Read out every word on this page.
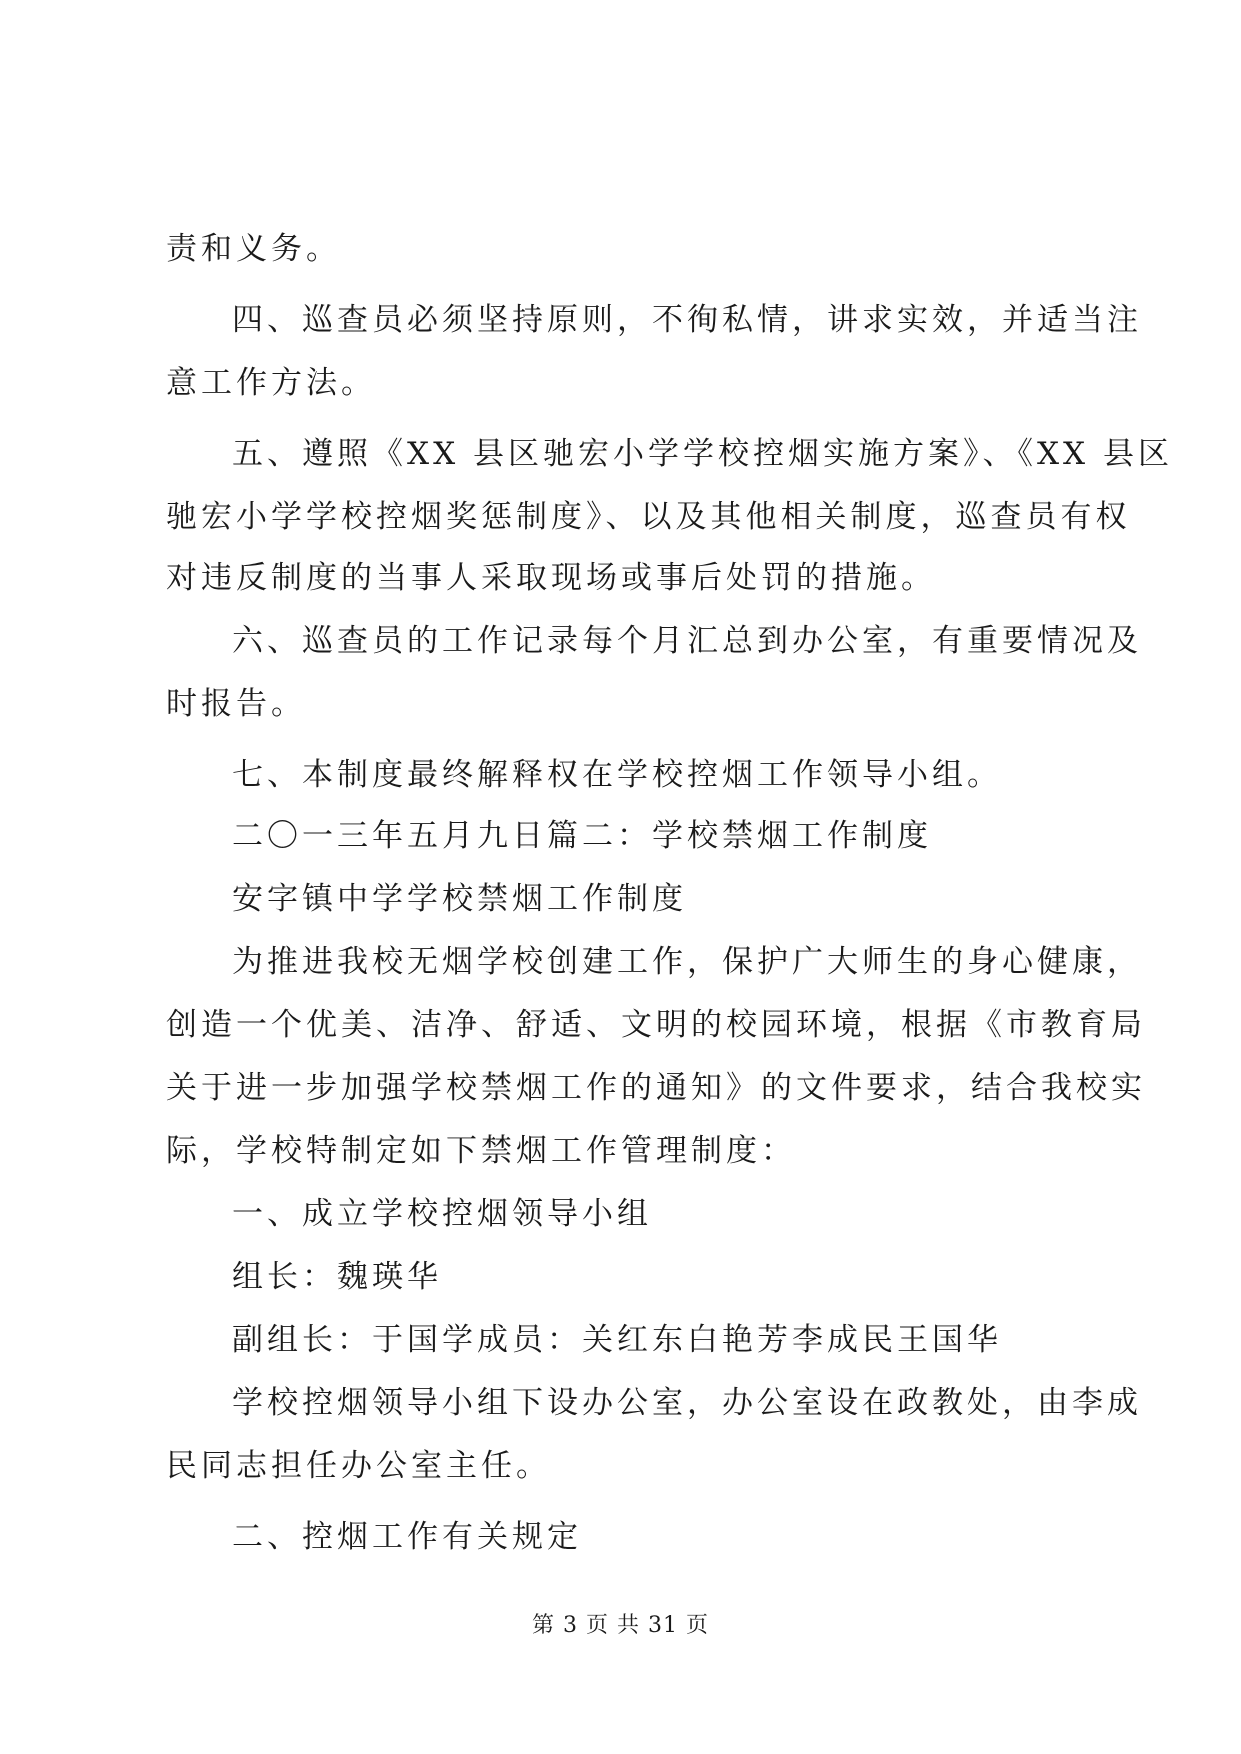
责和义务。
四、巡查员必须坚持原则，不徇私情，讲求实效，并适当注
意工作方法。
五、遵照《XX 县区驰宏小学学校控烟实施方案》、《XX 县区
驰宏小学学校控烟奖惩制度》、以及其他相关制度，巡查员有权
对违反制度的当事人采取现场或事后处罚的措施。
六、巡查员的工作记录每个月汇总到办公室，有重要情况及
时报告。
七、本制度最终解释权在学校控烟工作领导小组。
二〇一三年五月九日篇二：学校禁烟工作制度
安字镇中学学校禁烟工作制度
为推进我校无烟学校创建工作，保护广大师生的身心健康，
创造一个优美、洁净、舒适、文明的校园环境，根据《市教育局
关于进一步加强学校禁烟工作的通知》的文件要求，结合我校实
际，学校特制定如下禁烟工作管理制度：
一、成立学校控烟领导小组
组长：魏瑛华
副组长：于国学成员：关红东白艳芳李成民王国华
学校控烟领导小组下设办公室，办公室设在政教处，由李成
民同志担任办公室主任。
二、控烟工作有关规定
第 3 页 共 31 页
